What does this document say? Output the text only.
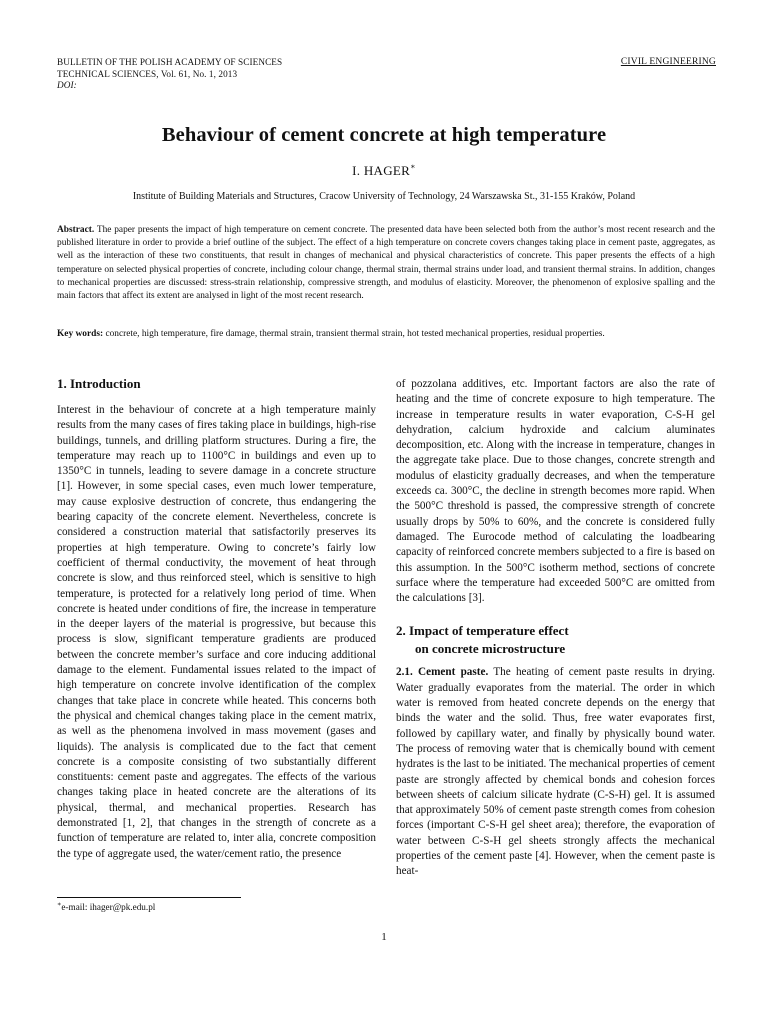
BULLETIN OF THE POLISH ACADEMY OF SCIENCES
TECHNICAL SCIENCES, Vol. 61, No. 1, 2013
DOI:
CIVIL ENGINEERING
Behaviour of cement concrete at high temperature
I. HAGER∗
Institute of Building Materials and Structures, Cracow University of Technology, 24 Warszawska St., 31-155 Kraków, Poland
Abstract. The paper presents the impact of high temperature on cement concrete. The presented data have been selected both from the author’s most recent research and the published literature in order to provide a brief outline of the subject. The effect of a high temperature on concrete covers changes taking place in cement paste, aggregates, as well as the interaction of these two constituents, that result in changes of mechanical and physical characteristics of concrete. This paper presents the effects of a high temperature on selected physical properties of concrete, including colour change, thermal strain, thermal strains under load, and transient thermal strains. In addition, changes to mechanical properties are discussed: stress-strain relationship, compressive strength, and modulus of elasticity. Moreover, the phenomenon of explosive spalling and the main factors that affect its extent are analysed in light of the most recent research.
Key words: concrete, high temperature, fire damage, thermal strain, transient thermal strain, hot tested mechanical properties, residual properties.

1. Introduction

Interest in the behaviour of concrete at a high temperature mainly results from the many cases of fires taking place in buildings, high-rise buildings, tunnels, and drilling platform structures. During a fire, the temperature may reach up to 1100°C in buildings and even up to 1350°C in tunnels, leading to severe damage in a concrete structure [1]. However, in some special cases, even much lower temperature, may cause explosive destruction of concrete, thus endangering the bearing capacity of the concrete element. Nevertheless, concrete is considered a construction material that satisfactorily preserves its properties at high temperature. Owing to concrete’s fairly low coefficient of thermal conductivity, the movement of heat through concrete is slow, and thus reinforced steel, which is sensitive to high temperature, is protected for a relatively long period of time. When concrete is heated under conditions of fire, the increase in temperature in the deeper layers of the material is progressive, but because this process is slow, significant temperature gradients are produced between the concrete member’s surface and core inducing additional damage to the element. Fundamental issues related to the impact of high temperature on concrete involve identification of the complex changes that take place in concrete while heated. This concerns both the physical and chemical changes taking place in the cement matrix, as well as the phenomena involved in mass movement (gases and liquids). The analysis is complicated due to the fact that cement concrete is a composite consisting of two substantially different constituents: cement paste and aggregates. The effects of the various changes taking place in heated concrete are the alterations of its physical, thermal, and mechanical properties. Research has demonstrated [1, 2], that changes in the strength of concrete as a function of temperature are related to, inter alia, concrete composition the type of aggregate used, the water/cement ratio, the presence

of pozzolana additives, etc. Important factors are also the rate of heating and the time of concrete exposure to high temperature. The increase in temperature results in water evaporation, C-S-H gel dehydration, calcium hydroxide and calcium aluminates decomposition, etc. Along with the increase in temperature, changes in the aggregate take place. Due to those changes, concrete strength and modulus of elasticity gradually decreases, and when the temperature exceeds ca. 300°C, the decline in strength becomes more rapid. When the 500°C threshold is passed, the compressive strength of concrete usually drops by 50% to 60%, and the concrete is considered fully damaged. The Eurocode method of calculating the loadbearing capacity of reinforced concrete members subjected to a fire is based on this assumption. In the 500°C isotherm method, sections of concrete surface where the temperature had exceeded 500°C are omitted from the calculations [3].

2. Impact of temperature effect
on concrete microstructure

2.1. Cement paste. The heating of cement paste results in drying. Water gradually evaporates from the material. The order in which water is removed from heated concrete depends on the energy that binds the water and the solid. Thus, free water evaporates first, followed by capillary water, and finally by physically bound water. The process of removing water that is chemically bound with cement hydrates is the last to be initiated. The mechanical properties of cement paste are strongly affected by chemical bonds and cohesion forces between sheets of calcium silicate hydrate (C-S-H) gel. It is assumed that approximately 50% of cement paste strength comes from cohesion forces (important C-S-H gel sheet area); therefore, the evaporation of water between C-S-H gel sheets strongly affects the mechanical properties of the cement paste [4]. However, when the cement paste is heat-

∗e-mail: ihager@pk.edu.pl
1
